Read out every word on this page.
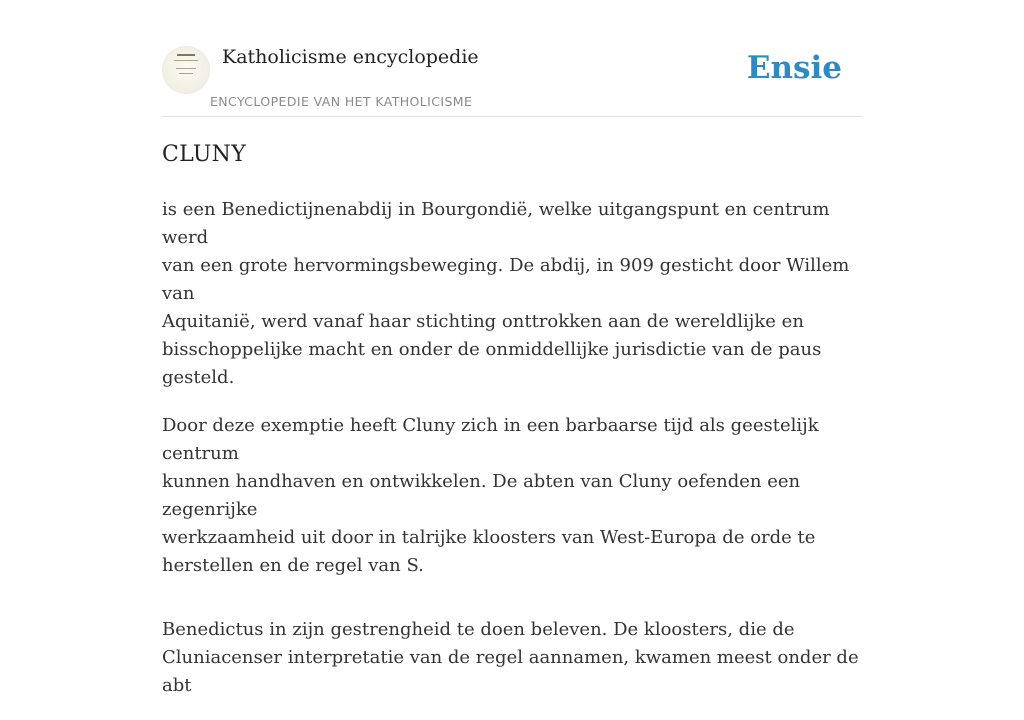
Katholicisme encyclopedie
ENCYCLOPEDIE VAN HET KATHOLICISME
Ensie
CLUNY

is een Benedictijnenabdij in Bourgondië, welke uitgangspunt en centrum werd
van een grote hervormingsbeweging. De abdij, in 909 gesticht door Willem van
Aquitanië, werd vanaf haar stichting onttrokken aan de wereldlijke en
bisschoppelijke macht en onder de onmiddellijke jurisdictie van de paus gesteld.

Door deze exemptie heeft Cluny zich in een barbaarse tijd als geestelijk centrum
kunnen handhaven en ontwikkelen. De abten van Cluny oefenden een zegenrijke
werkzaamheid uit door in talrijke kloosters van West-Europa de orde te
herstellen en de regel van S.

Benedictus in zijn gestrengheid te doen beleven. De kloosters, die de
Cluniacenser interpretatie van de regel aannamen, kwamen meest onder de abt
